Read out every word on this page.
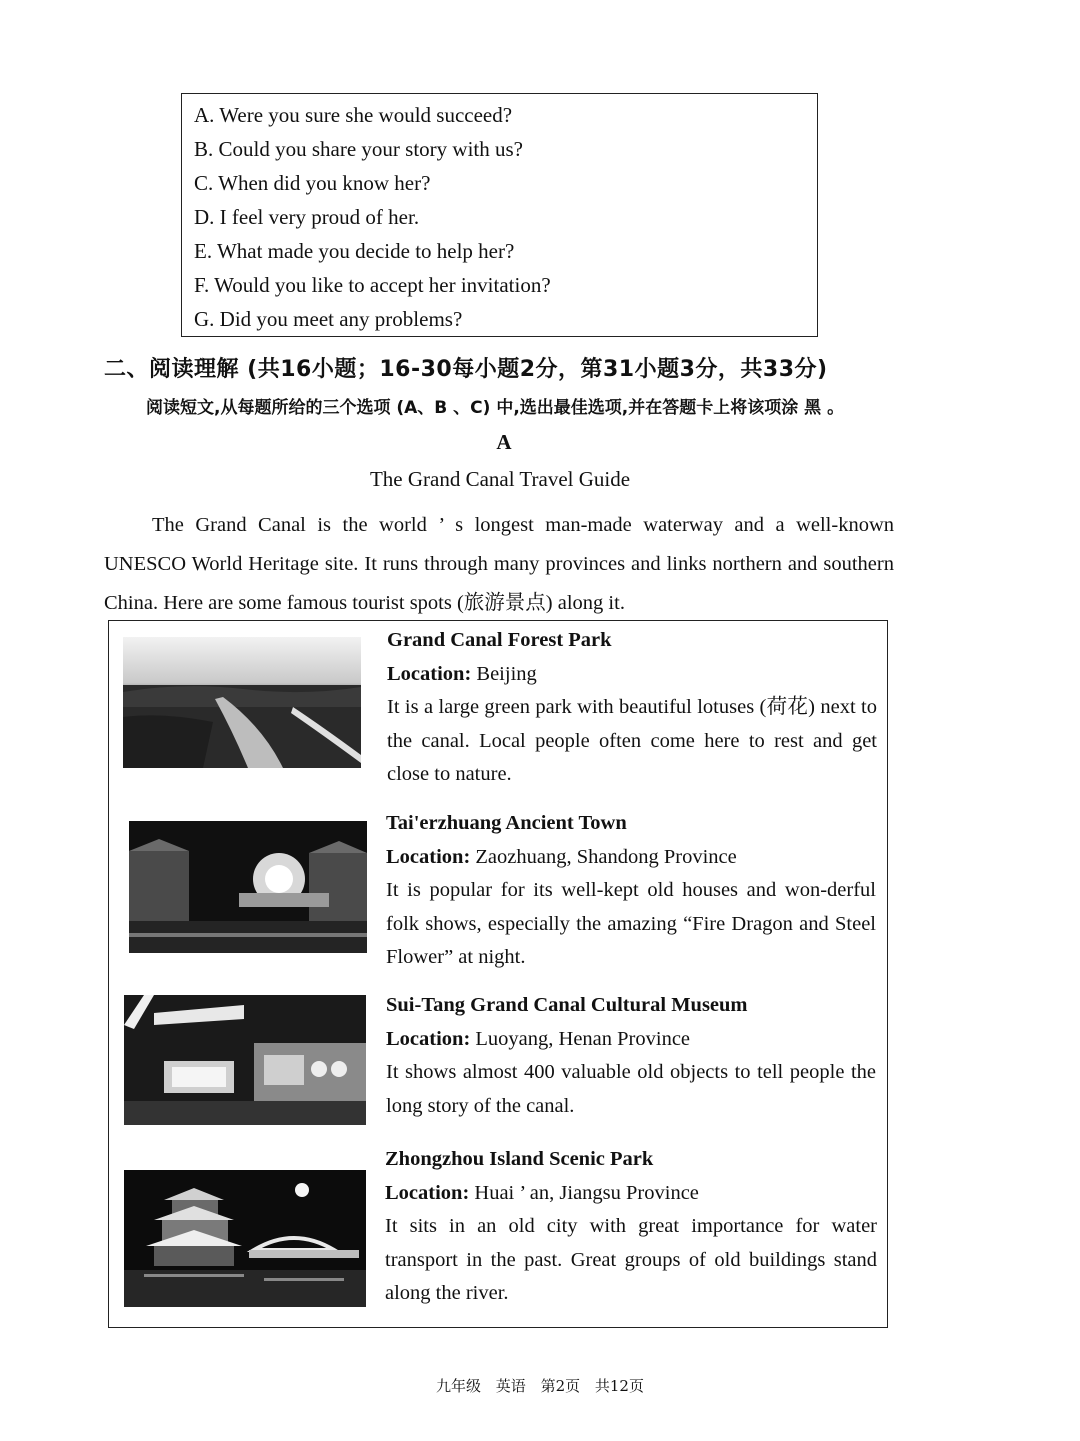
A. Were you sure she would succeed?
B. Could you share your story with us?
C. When did you know her?
D. I feel very proud of her.
E. What made you decide to help her?
F. Would you like to accept her invitation?
G. Did you meet any problems?
二、阅读理解 (共16小题；16-30每小题2分，第31小题3分，共33分)
阅读短文,从每题所给的三个选项 (A、B 、C) 中,选出最佳选项,并在答题卡上将该项涂 黑 。
A
The Grand Canal Travel Guide
The Grand Canal is the world ’ s longest man-made waterway and a well-known UNESCO World Heritage site. It runs through many provinces and links northern and southern China. Here are some famous tourist spots (旅游景点) along it.
Grand Canal Forest Park
Location: Beijing
It is a large green park with beautiful lotuses (荷花) next to the canal. Local people often come here to rest and get close to nature.
Tai'erzhuang Ancient Town
Location: Zaozhuang, Shandong Province
It is popular for its well-kept old houses and won-derful folk shows, especially the amazing “Fire Dragon and Steel Flower” at night.
Sui-Tang Grand Canal Cultural Museum
Location: Luoyang, Henan Province
It shows almost 400 valuable old objects to tell people the long story of the canal.
Zhongzhou Island Scenic Park
Location: Huai ’ an, Jiangsu Province
It sits in an old city with great importance for water transport in the past. Great groups of old buildings stand along the river.
九年级 英语 第2页 共12页
